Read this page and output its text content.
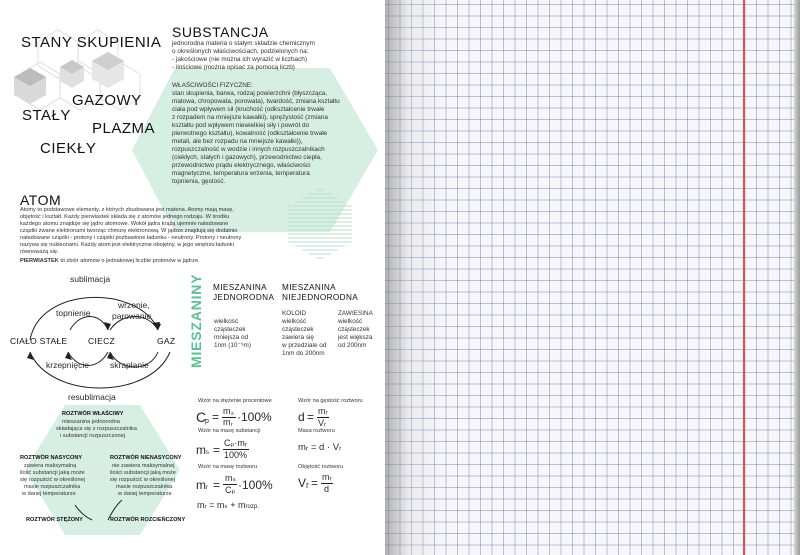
STANY SKUPIENIA
STAŁY
GAZOWY
PLAZMA
CIEKŁY
SUBSTANCJA
jednorodna materia o stałym składzie chemicznym
o określonych właściwościach, podzielonych na:
- jakościowe (nie można ich wyrazić w liczbach)
- ilościowe (można opisać za pomocą liczb)
WŁAŚCIWOŚCI FIZYCZNE:
stan skupienia, barwa, rodzaj powierzchni (błyszcząca,
matowa, chropowata, porowata), twardość, zmiana kształtu
ciała pod wpływem sił (kruchość (odkształcenie trwałe
z rozpadem na mniejsze kawałki), sprężystość (zmiana
kształtu pod wpływem niewielkiej siły i powrót do
pierwotnego kształtu), kowalność (odkształcenie trwałe
metali, ale bez rozpadu na mniejsze kawałki)),
rozpuszczalność w wodzie i innych rozpuszczalnikach
(ciekłych, stałych i gazowych), przewodnictwo ciepła,
przewodnictwo prądu elektrycznego, właściwości
magnetyczne, temperatura wrzenia, temperatura
topnienia, gęstość.
ATOM
Atomy to podstawowe elementy, z których zbudowana jest materia. Atomy mają masę,
objętość i kształt. Każdy pierwiastek składa się z atomów jednego rodzaju. W środku
każdego atomu znajduje się jądro atomowe. Wokół jądra krążą ujemnie naładowane
cząstki zwane elektronami tworząc chmurę elektronową. W jądrze znajdują się dodatnio
naładowane cząstki - protony i cząstki pozbawione ładunku - neutrony. Protony i neutrony
nazywa się nukleonami. Każdy atom jest elektrycznie obojętny, w jego wnętrzu ładunki
równoważą się.
PIERWIASTEK to zbiór atomów o jednakowej liczbie protonów w jądrze.
sublimacja
topnienie
wrzenie,
parowanie
CIAŁO STAŁE CIECZ	GAZ
krzepnięcie skraplanie
resublimacja
MIESZANINY MIESZANINA
JEDNORODNA
wielkość
cząsteczek
mniejsza od
1nm (10⁻⁹m)
MIESZANINA
NIEJEDNORODNA
KOLOID
wielkość
cząsteczek
zawiera się
w przedziale od
1nm do 200nm
ZAWIESINA
wielkość
cząsteczek
jest większa
od 200nm
ROZTWÓR WŁAŚCIWY
mieszanina jednorodna
składająca się z rozpuszczalnika
i substancji rozpuszczonej
ROZTWÓR NASYCONY
zawiera maksymalną
ilość substancji jaką może
się rozpuścić w określonej
masie rozpuszczalnika
w danej temperaturze
ROZTWÓR NIENASYCONY
nie zawiera maksymalnej
ilości substancji jaką może
się rozpuścić w określonej
masie rozpuszczalnika
w danej temperaturze
ROZTWÓR STĘŻONY	ROZTWÓR ROZCIEŃCZONY
Wzór na stężenie procentowe
C
p = m s
m r
·100%
Wzór na masę substancji
m s = Cₚ·mᵣ
100%
Wzór na masę roztworu
m r = mₛ
Cₚ ·100%
mᵣ = mₛ + mrozp.
Wzór na gęstość roztworu
d = mᵣ
Vᵣ
Masa roztworu
mᵣ = d · Vᵣ
Objętość roztworu
Vᵣ = mᵣ
d
